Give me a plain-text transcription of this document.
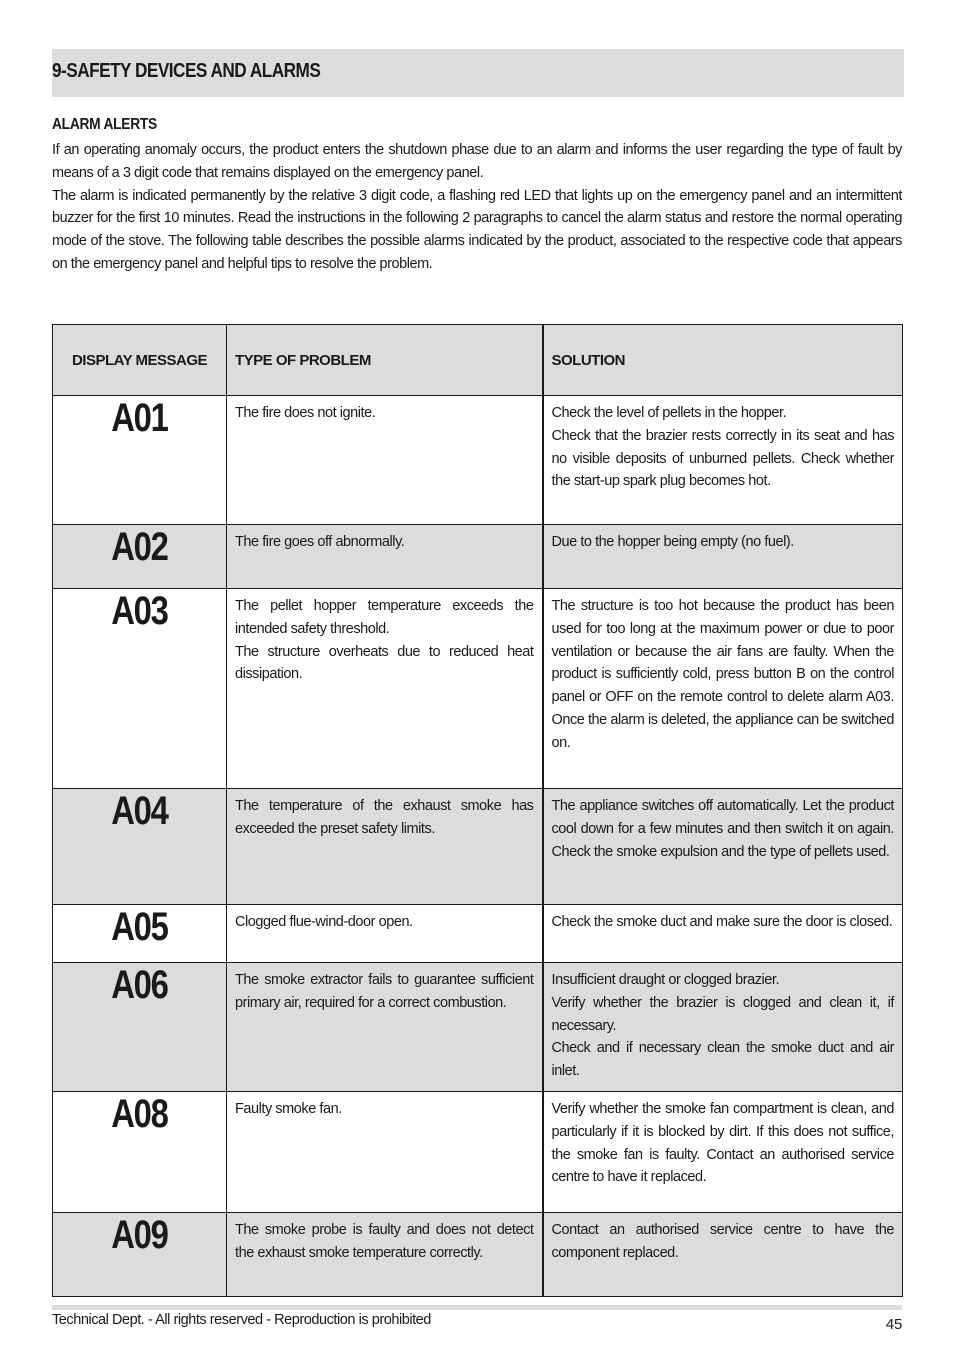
9-SAFETY DEVICES AND ALARMS
ALARM ALERTS

If an operating anomaly occurs, the product enters the shutdown phase due to an alarm and informs the user regarding the type of fault by means of a 3 digit code that remains displayed on the emergency panel.

The alarm is indicated permanently by the relative 3 digit code, a flashing red LED that lights up on the emergency panel and an intermittent buzzer for the first 10 minutes. Read the instructions in the following 2 paragraphs to cancel the alarm status and restore the normal operating mode of the stove. The following table describes the possible alarms indicated by the product, associated to the respective code that appears on the emergency panel and helpful tips to resolve the problem.

DISPLAY MESSAGE	TYPE OF PROBLEM	SOLUTION
A01	The fire does not ignite.	Check the level of pellets in the hopper.
Check that the brazier rests correctly in its seat and has no visible deposits of unburned pellets. Check whether the start-up spark plug becomes hot.
A02	The fire goes off abnormally.	Due to the hopper being empty (no fuel).
A03	The pellet hopper temperature exceeds the intended safety threshold.
The structure overheats due to reduced heat dissipation.	The structure is too hot because the product has been used for too long at the maximum power or due to poor ventilation or because the air fans are faulty. When the product is sufficiently cold, press button B on the control panel or OFF on the remote control to delete alarm A03. Once the alarm is deleted, the appliance can be switched on.
A04	The temperature of the exhaust smoke has exceeded the preset safety limits.	The appliance switches off automatically. Let the product cool down for a few minutes and then switch it on again. Check the smoke expulsion and the type of pellets used.
A05	Clogged flue-wind-door open.	Check the smoke duct and make sure the door is closed.
A06	The smoke extractor fails to guarantee sufficient primary air, required for a correct combustion.	Insufficient draught or clogged brazier.
Verify whether the brazier is clogged and clean it, if necessary.
Check and if necessary clean the smoke duct and air inlet.
A08	Faulty smoke fan.	Verify whether the smoke fan compartment is clean, and particularly if it is blocked by dirt. If this does not suffice, the smoke fan is faulty. Contact an authorised service centre to have it replaced.
A09	The smoke probe is faulty and does not detect the exhaust smoke temperature correctly.	Contact an authorised service centre to have the component replaced.
Technical Dept. - All rights reserved - Reproduction is prohibited	45
